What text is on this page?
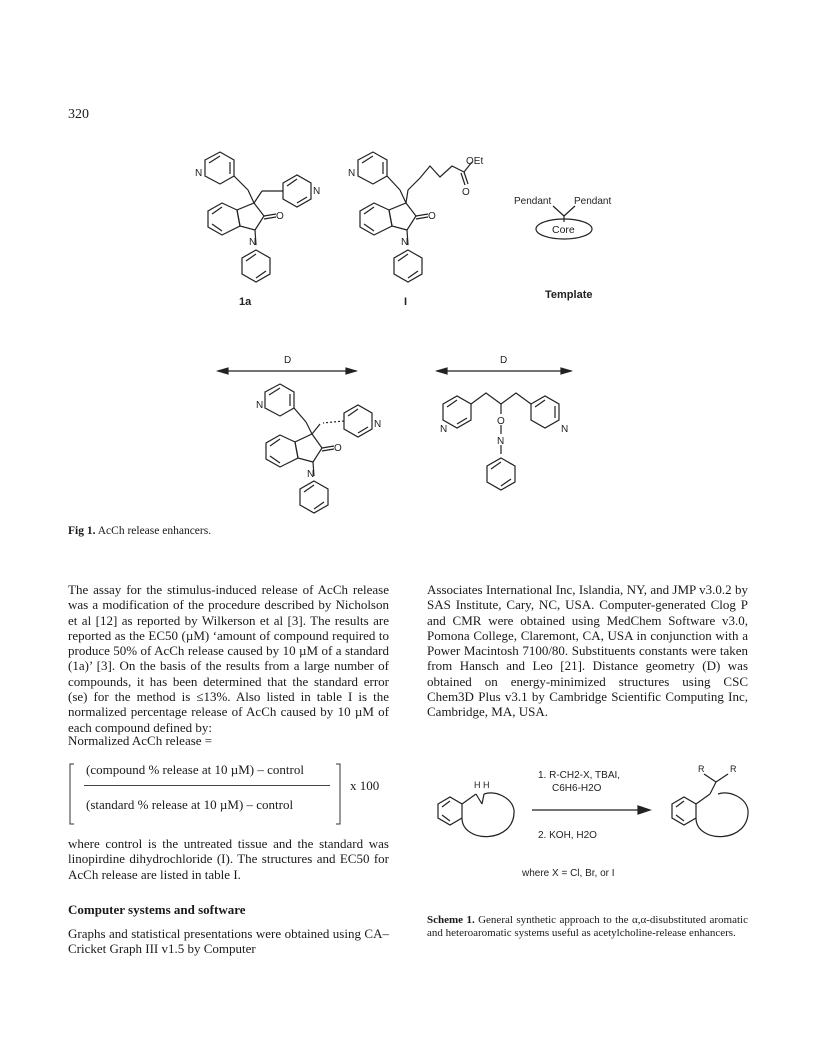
320
N
N
O
N
N
OEt
O
O
N
N
N
O
N
N	N
O
N
1a	I
Template
Pendant Pendant
Core
D	D
Fig 1. AcCh release enhancers.
The assay for the stimulus-induced release of AcCh release was a modification of the procedure described by Nicholson et al [12] as reported by Wilkerson et al [3]. The results are reported as the EC50 (µM) ‘amount of compound required to produce 50% of AcCh release caused by 10 µM of a standard (1a)’ [3]. On the basis of the results from a large number of compounds, it has been determined that the standard error (se) for the method is ≤13%. Also listed in table I is the normalized percentage release of AcCh caused by 10 µM of each compound defined by:
Normalized AcCh release =
(compound % release at 10 µM) – control
(standard % release at 10 µM) – control
x 100
where control is the untreated tissue and the standard was linopirdine dihydrochloride (I). The structures and EC50 for AcCh release are listed in table I.
Computer systems and software
Graphs and statistical presentations were obtained using CA–Cricket Graph III v1.5 by Computer
Associates International Inc, Islandia, NY, and JMP v3.0.2 by SAS Institute, Cary, NC, USA. Computer-generated Clog P and CMR were obtained using MedChem Software v3.0, Pomona College, Claremont, CA, USA in conjunction with a Power Macintosh 7100/80. Substituents constants were taken from Hansch and Leo [21]. Distance geometry (D) was obtained on energy-minimized structures using CSC Chem3D Plus v3.1 by Cambridge Scientific Computing Inc, Cambridge, MA, USA.
H H
1. R-CH2-X, TBAI,
C6H6-H2O
2. KOH, H2O
where X = Cl, Br, or I
R	R
Scheme 1. General synthetic approach to the α,α-disubstituted aromatic and heteroaromatic systems useful as acetylcholine-release enhancers.
